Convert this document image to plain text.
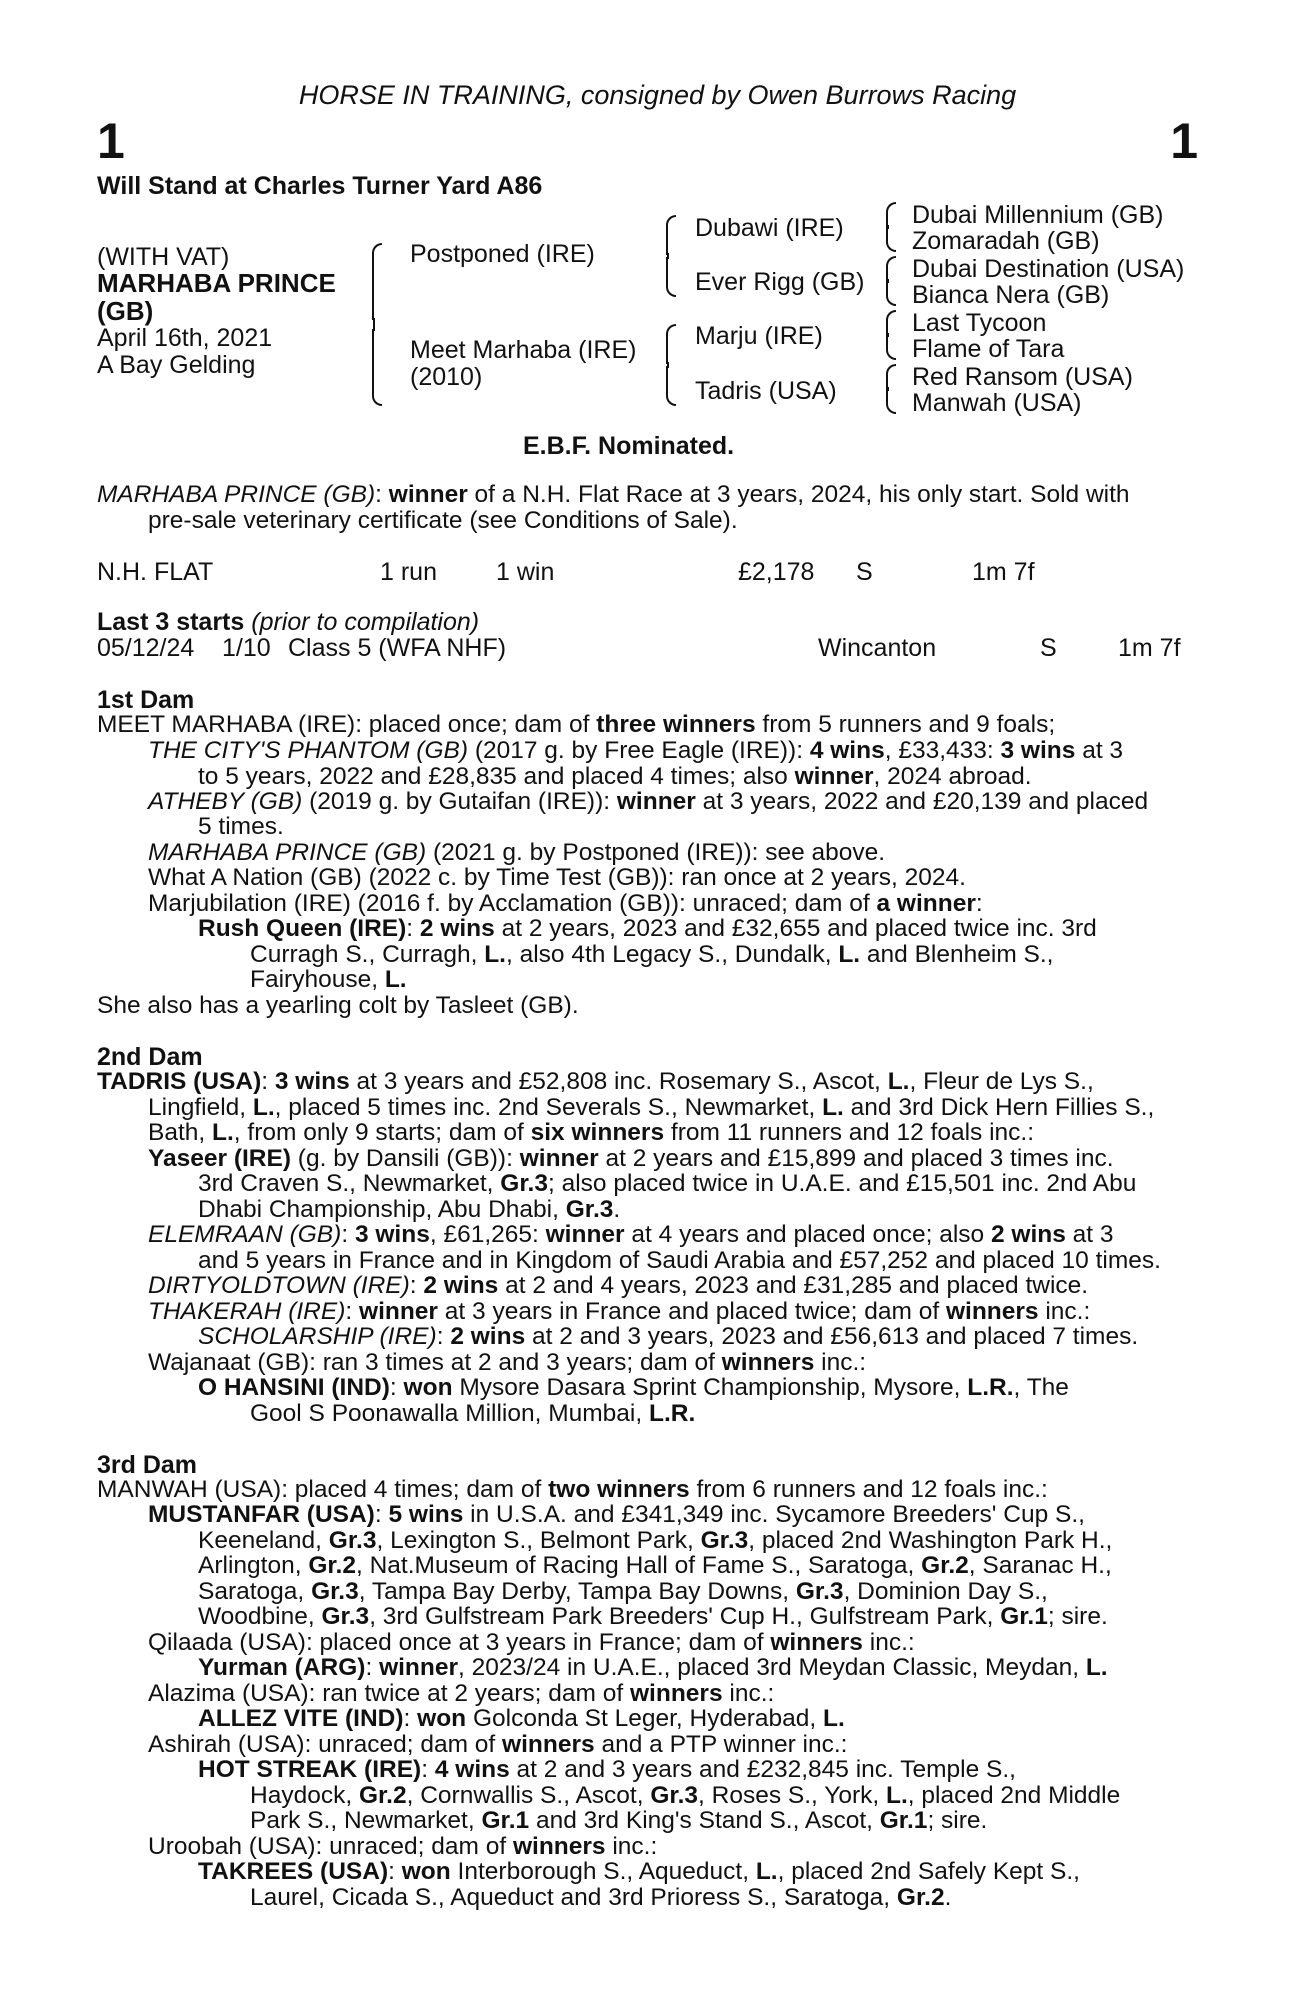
HORSE IN TRAINING, consigned by Owen Burrows Racing
1	1
Will Stand at Charles Turner Yard A86
(WITH VAT)
MARHABA PRINCE
(GB)
April 16th, 2021
A Bay Gelding
Postponed (IRE)
Meet Marhaba (IRE)
(2010)
Dubawi (IRE)
Ever Rigg (GB)
Marju (IRE)
Tadris (USA)
Dubai Millennium (GB)
Zomaradah (GB)
Dubai Destination (USA)
Bianca Nera (GB)
Last Tycoon
Flame of Tara
Red Ransom (USA)
Manwah (USA)
E.B.F. Nominated.
MARHABA PRINCE (GB): winner of a N.H. Flat Race at 3 years, 2024, his only start. Sold with
pre-sale veterinary certificate (see Conditions of Sale).
N.H. FLAT	1 run 1 win	£2,178 S	1m 7f
Last 3 starts (prior to compilation)
05/12/24 1/10 Class 5 (WFA NHF)	Wincanton	S 1m 7f
1st Dam
MEET MARHABA (IRE): placed once; dam of three winners from 5 runners and 9 foals;
THE CITY'S PHANTOM (GB) (2017 g. by Free Eagle (IRE)): 4 wins, £33,433: 3 wins at 3
to 5 years, 2022 and £28,835 and placed 4 times; also winner, 2024 abroad.
ATHEBY (GB) (2019 g. by Gutaifan (IRE)): winner at 3 years, 2022 and £20,139 and placed
5 times.
MARHABA PRINCE (GB) (2021 g. by Postponed (IRE)): see above.
What A Nation (GB) (2022 c. by Time Test (GB)): ran once at 2 years, 2024.
Marjubilation (IRE) (2016 f. by Acclamation (GB)): unraced; dam of a winner:
Rush Queen (IRE): 2 wins at 2 years, 2023 and £32,655 and placed twice inc. 3rd
Curragh S., Curragh, L., also 4th Legacy S., Dundalk, L. and Blenheim S.,
Fairyhouse, L.
She also has a yearling colt by Tasleet (GB).
2nd Dam
TADRIS (USA): 3 wins at 3 years and £52,808 inc. Rosemary S., Ascot, L., Fleur de Lys S.,
Lingfield, L., placed 5 times inc. 2nd Severals S., Newmarket, L. and 3rd Dick Hern Fillies S.,
Bath, L., from only 9 starts; dam of six winners from 11 runners and 12 foals inc.:
Yaseer (IRE) (g. by Dansili (GB)): winner at 2 years and £15,899 and placed 3 times inc.
3rd Craven S., Newmarket, Gr.3; also placed twice in U.A.E. and £15,501 inc. 2nd Abu
Dhabi Championship, Abu Dhabi, Gr.3.
ELEMRAAN (GB): 3 wins, £61,265: winner at 4 years and placed once; also 2 wins at 3
and 5 years in France and in Kingdom of Saudi Arabia and £57,252 and placed 10 times.
DIRTYOLDTOWN (IRE): 2 wins at 2 and 4 years, 2023 and £31,285 and placed twice.
THAKERAH (IRE): winner at 3 years in France and placed twice; dam of winners inc.:
SCHOLARSHIP (IRE): 2 wins at 2 and 3 years, 2023 and £56,613 and placed 7 times.
Wajanaat (GB): ran 3 times at 2 and 3 years; dam of winners inc.:
O HANSINI (IND): won Mysore Dasara Sprint Championship, Mysore, L.R., The
Gool S Poonawalla Million, Mumbai, L.R.
3rd Dam
MANWAH (USA): placed 4 times; dam of two winners from 6 runners and 12 foals inc.:
MUSTANFAR (USA): 5 wins in U.S.A. and £341,349 inc. Sycamore Breeders' Cup S.,
Keeneland, Gr.3, Lexington S., Belmont Park, Gr.3, placed 2nd Washington Park H.,
Arlington, Gr.2, Nat.Museum of Racing Hall of Fame S., Saratoga, Gr.2, Saranac H.,
Saratoga, Gr.3, Tampa Bay Derby, Tampa Bay Downs, Gr.3, Dominion Day S.,
Woodbine, Gr.3, 3rd Gulfstream Park Breeders' Cup H., Gulfstream Park, Gr.1; sire.
Qilaada (USA): placed once at 3 years in France; dam of winners inc.:
Yurman (ARG): winner, 2023/24 in U.A.E., placed 3rd Meydan Classic, Meydan, L.
Alazima (USA): ran twice at 2 years; dam of winners inc.:
ALLEZ VITE (IND): won Golconda St Leger, Hyderabad, L.
Ashirah (USA): unraced; dam of winners and a PTP winner inc.:
HOT STREAK (IRE): 4 wins at 2 and 3 years and £232,845 inc. Temple S.,
Haydock, Gr.2, Cornwallis S., Ascot, Gr.3, Roses S., York, L., placed 2nd Middle
Park S., Newmarket, Gr.1 and 3rd King's Stand S., Ascot, Gr.1; sire.
Uroobah (USA): unraced; dam of winners inc.:
TAKREES (USA): won Interborough S., Aqueduct, L., placed 2nd Safely Kept S.,
Laurel, Cicada S., Aqueduct and 3rd Prioress S., Saratoga, Gr.2.
